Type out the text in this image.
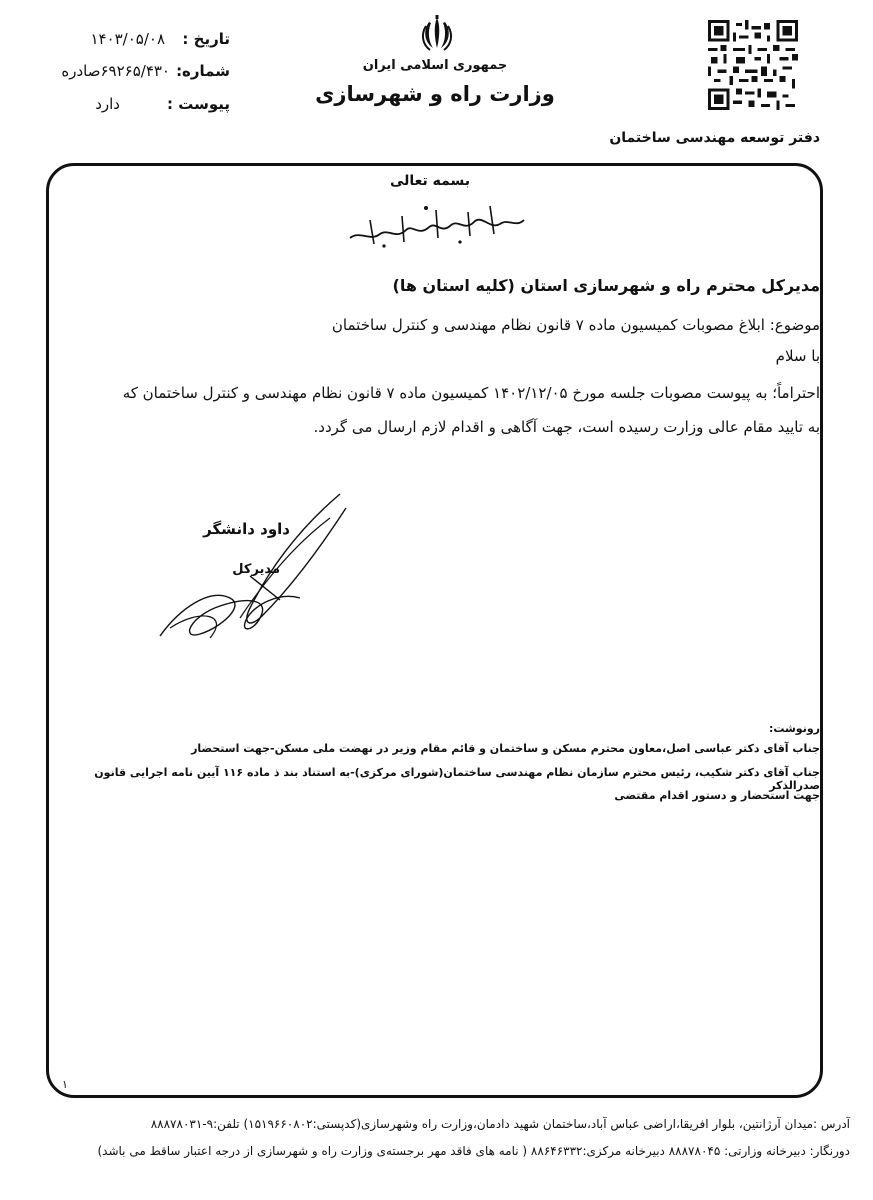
تاریخ :
۱۴۰۳/۰۵/۰۸
شماره:
۶۹۲۶۵/۴۳۰صادره
پیوست :
دارد
جمهوری اسلامی ایران
وزارت راه و شهرسازی
دفتر توسعه مهندسی ساختمان
بسمه تعالی
مدیرکل محترم راه و شهرسازی استان (کلیه استان ها)
موضوع: ابلاغ مصوبات کمیسیون ماده ۷ قانون نظام مهندسی و کنترل ساختمان
با سلام
احتراماً؛ به پیوست مصوبات جلسه مورخ ۱۴۰۲/۱۲/۰۵ کمیسیون ماده ۷ قانون نظام مهندسی و کنترل ساختمان که
به تایید مقام عالی وزارت رسیده است، جهت آگاهی و اقدام لازم ارسال می گردد.
داود دانشگر
مدیرکل
رونوشت:
جناب آقای دکتر عباسی اصل،معاون محترم مسکن و ساختمان و قائم مقام وزیر در نهضت ملی مسکن-جهت استحضار
جناب آقای دکتر شکیب، رئیس محترم سازمان نظام مهندسی ساختمان(شورای مرکزی)-به استناد بند ذ ماده ۱۱۶ آیین نامه اجرایی قانون صدرالذکر
جهت استحضار و دستور اقدام مقتضی
۱
آدرس :میدان آرژانتین، بلوار افریقا،اراضی عباس آباد،ساختمان شهید دادمان،وزارت راه وشهرسازی(کدپستی:۱۵۱۹۶۶۰۸۰۲) تلفن:۹-۸۸۸۷۸۰۳۱
دورنگار: دبیرخانه وزارتی: ۸۸۸۷۸۰۴۵ دبیرخانه مرکزی:۸۸۶۴۶۳۳۲ ( نامه های فاقد مهر برجسته‌ی وزارت راه و شهرسازی از درجه اعتبار ساقط می باشد)
